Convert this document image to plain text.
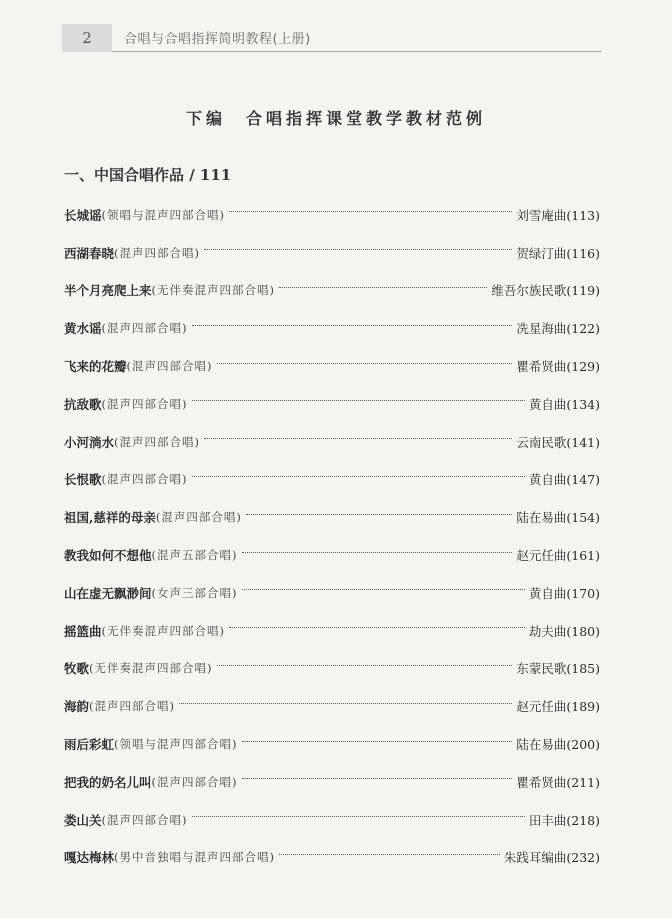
2	合唱与合唱指挥简明教程(上册)
下编　 合唱指挥课堂教学教材范例
一、中国合唱作品 / 111
长城谣 (领唱与混声四部合唱)	刘雪庵曲(113)
西湖春晓 (混声四部合唱)	贺绿汀曲(116)
半个月亮爬上来 (无伴奏混声四部合唱)	维吾尔族民歌(119)
黄水谣 (混声四部合唱)	冼星海曲(122)
飞来的花瓣 (混声四部合唱)	瞿希贤曲(129)
抗敌歌 (混声四部合唱)	黄自曲(134)
小河淌水 (混声四部合唱)	云南民歌(141)
长恨歌 (混声四部合唱)	黄自曲(147)
祖国,慈祥的母亲 (混声四部合唱)	陆在易曲(154)
教我如何不想他 (混声五部合唱)	赵元任曲(161)
山在虚无飘渺间 (女声三部合唱)	黄自曲(170)
摇篮曲 (无伴奏混声四部合唱)	劫夫曲(180)
牧歌 (无伴奏混声四部合唱)	东蒙民歌(185)
海韵 (混声四部合唱)	赵元任曲(189)
雨后彩虹 (领唱与混声四部合唱)	陆在易曲(200)
把我的奶名儿叫 (混声四部合唱)	瞿希贤曲(211)
娄山关 (混声四部合唱)	田丰曲(218)
嘎达梅林 (男中音独唱与混声四部合唱)	朱践耳编曲(232)
